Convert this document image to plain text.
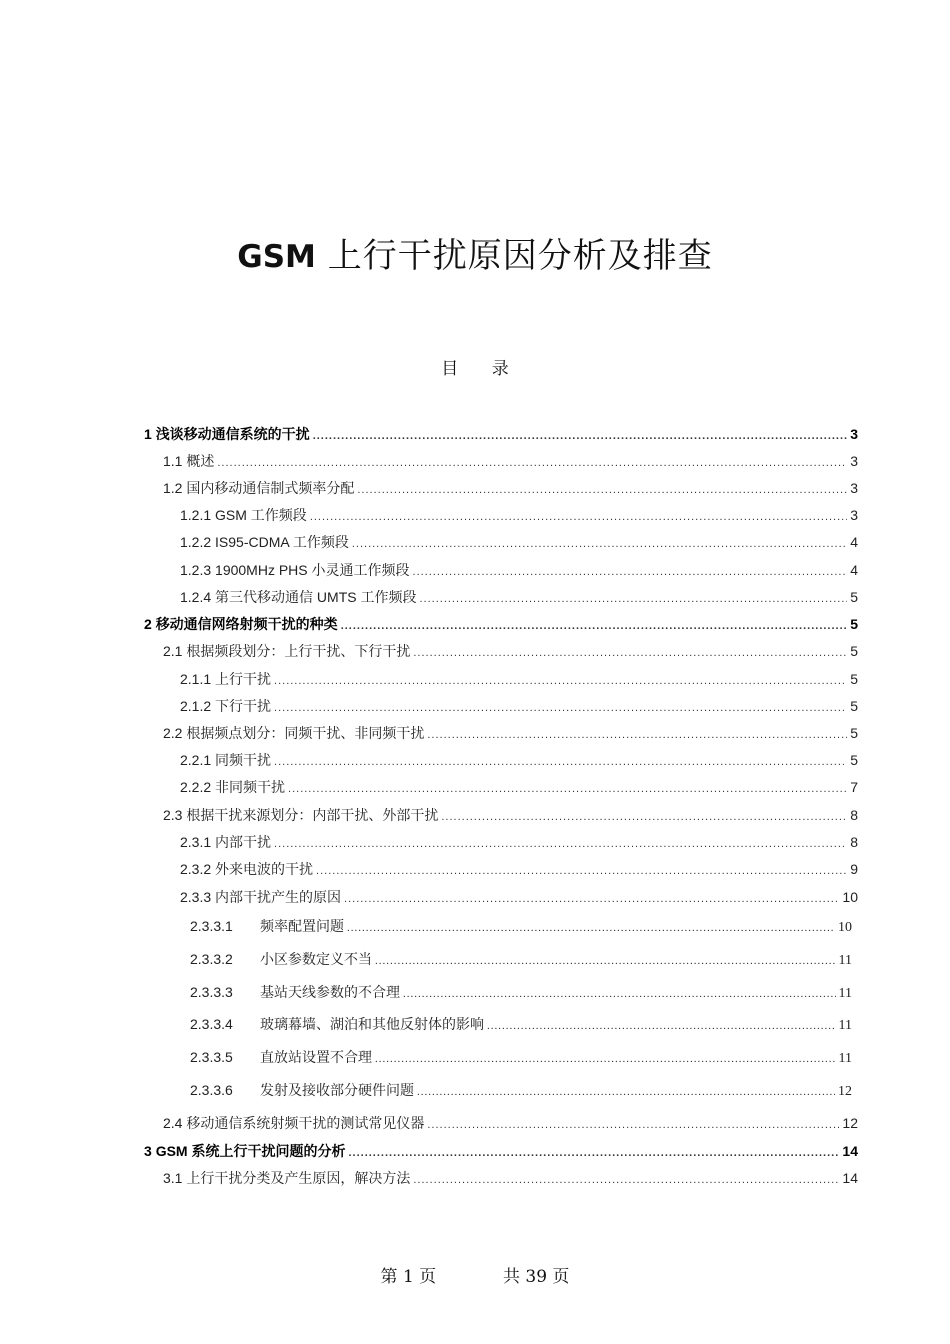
GSM 上行干扰原因分析及排查
目 录
1 浅谈移动通信系统的干扰 .....	3
1.1 概述 .....	3
1.2 国内移动通信制式频率分配 .....	3
1.2.1 GSM 工作频段 .....	3
1.2.2 IS95-CDMA 工作频段 .....	4
1.2.3 1900MHz PHS 小灵通工作频段 .....	4
1.2.4 第三代移动通信 UMTS 工作频段 .....	5
2 移动通信网络射频干扰的种类 .....	5
2.1 根据频段划分：上行干扰、下行干扰 .....	5
2.1.1 上行干扰 .....	5
2.1.2 下行干扰 .....	5
2.2 根据频点划分：同频干扰、非同频干扰 .....	5
2.2.1 同频干扰 .....	5
2.2.2 非同频干扰 .....	7
2.3 根据干扰来源划分：内部干扰、外部干扰 .....	8
2.3.1 内部干扰 .....	8
2.3.2 外来电波的干扰 .....	9
2.3.3 内部干扰产生的原因 .....	10
2.3.3.1 频率配置问题 .....	10
2.3.3.2 小区参数定义不当 .....	11
2.3.3.3 基站天线参数的不合理 .....	11
2.3.3.4 玻璃幕墙、湖泊和其他反射体的影响 .....	11
2.3.3.5 直放站设置不合理 .....	11
2.3.3.6 发射及接收部分硬件问题 .....	12
2.4 移动通信系统射频干扰的测试常见仪器 .....	12
3 GSM 系统上行干扰问题的分析 .....	14
3.1 上行干扰分类及产生原因，解决方法 .....	14
第 1 页	共 39 页
